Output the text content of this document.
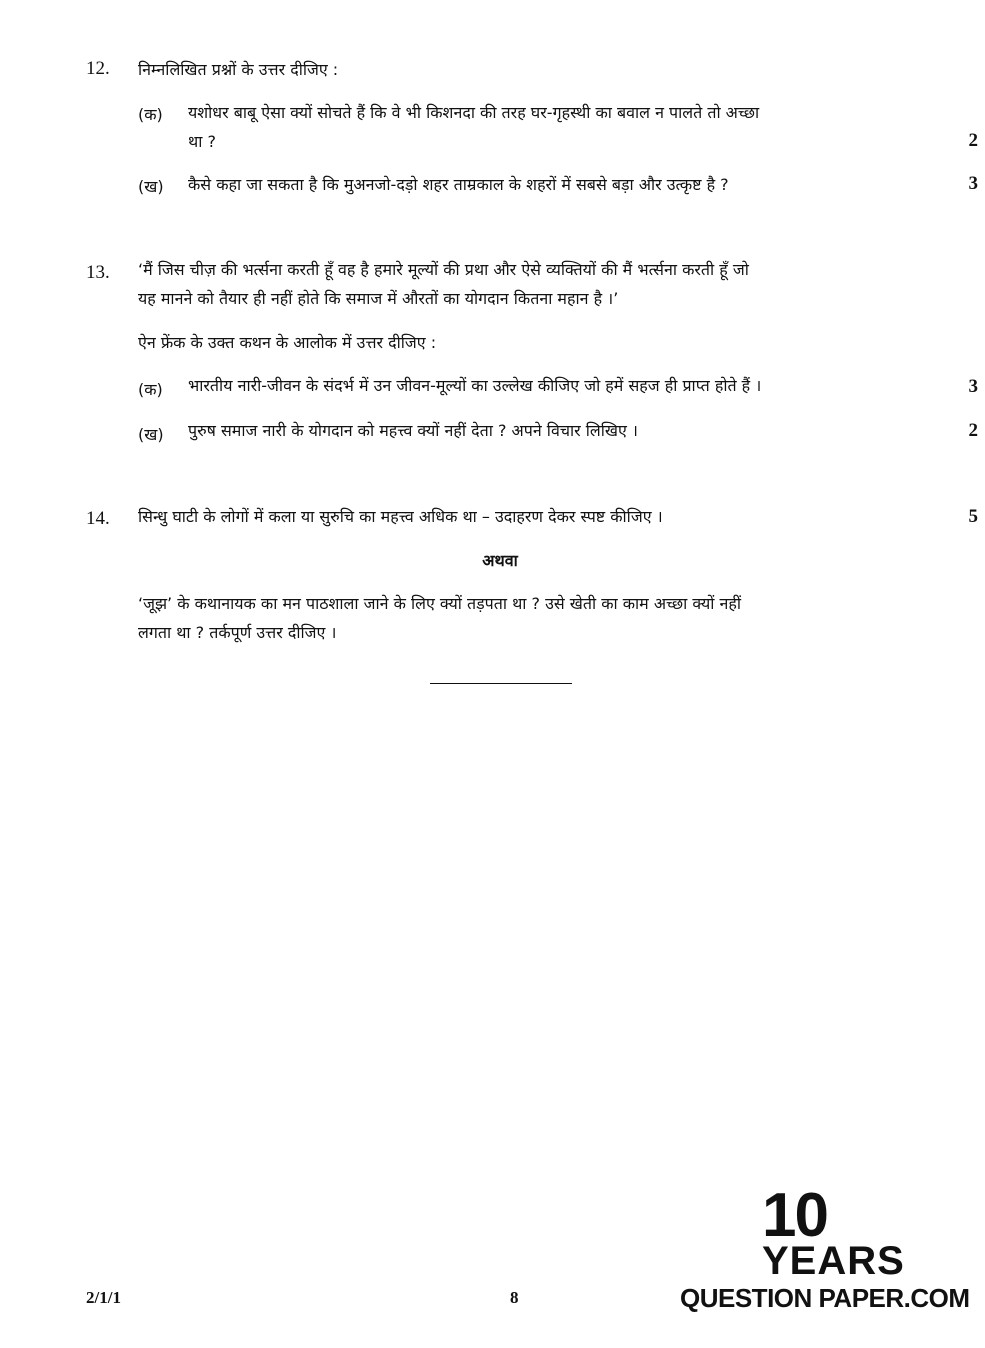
12. निम्नलिखित प्रश्नों के उत्तर दीजिए :
(क) यशोधर बाबू ऐसा क्यों सोचते हैं कि वे भी किशनदा की तरह घर-गृहस्थी का बवाल न पालते तो अच्छा
था ?	2
(ख) कैसे कहा जा सकता है कि मुअनजो-दड़ो शहर ताम्रकाल के शहरों में सबसे बड़ा और उत्कृष्ट है ?	3
13. ‘मैं जिस चीज़ की भर्त्सना करती हूँ वह है हमारे मूल्यों की प्रथा और ऐसे व्यक्तियों की मैं भर्त्सना करती हूँ जो
यह मानने को तैयार ही नहीं होते कि समाज में औरतों का योगदान कितना महान है ।’
ऐन फ्रेंक के उक्त कथन के आलोक में उत्तर दीजिए :
(क) भारतीय नारी-जीवन के संदर्भ में उन जीवन-मूल्यों का उल्लेख कीजिए जो हमें सहज ही प्राप्त होते हैं ।	3
(ख) पुरुष समाज नारी के योगदान को महत्त्व क्यों नहीं देता ? अपने विचार लिखिए ।	2
14. सिन्धु घाटी के लोगों में कला या सुरुचि का महत्त्व अधिक था – उदाहरण देकर स्पष्ट कीजिए ।	5
अथवा
‘जूझ’ के कथानायक का मन पाठशाला जाने के लिए क्यों तड़पता था ? उसे खेती का काम अच्छा क्यों नहीं
लगता था ? तर्कपूर्ण उत्तर दीजिए ।
2/1/1	8
10
YEARS
QUESTION PAPER.COM
